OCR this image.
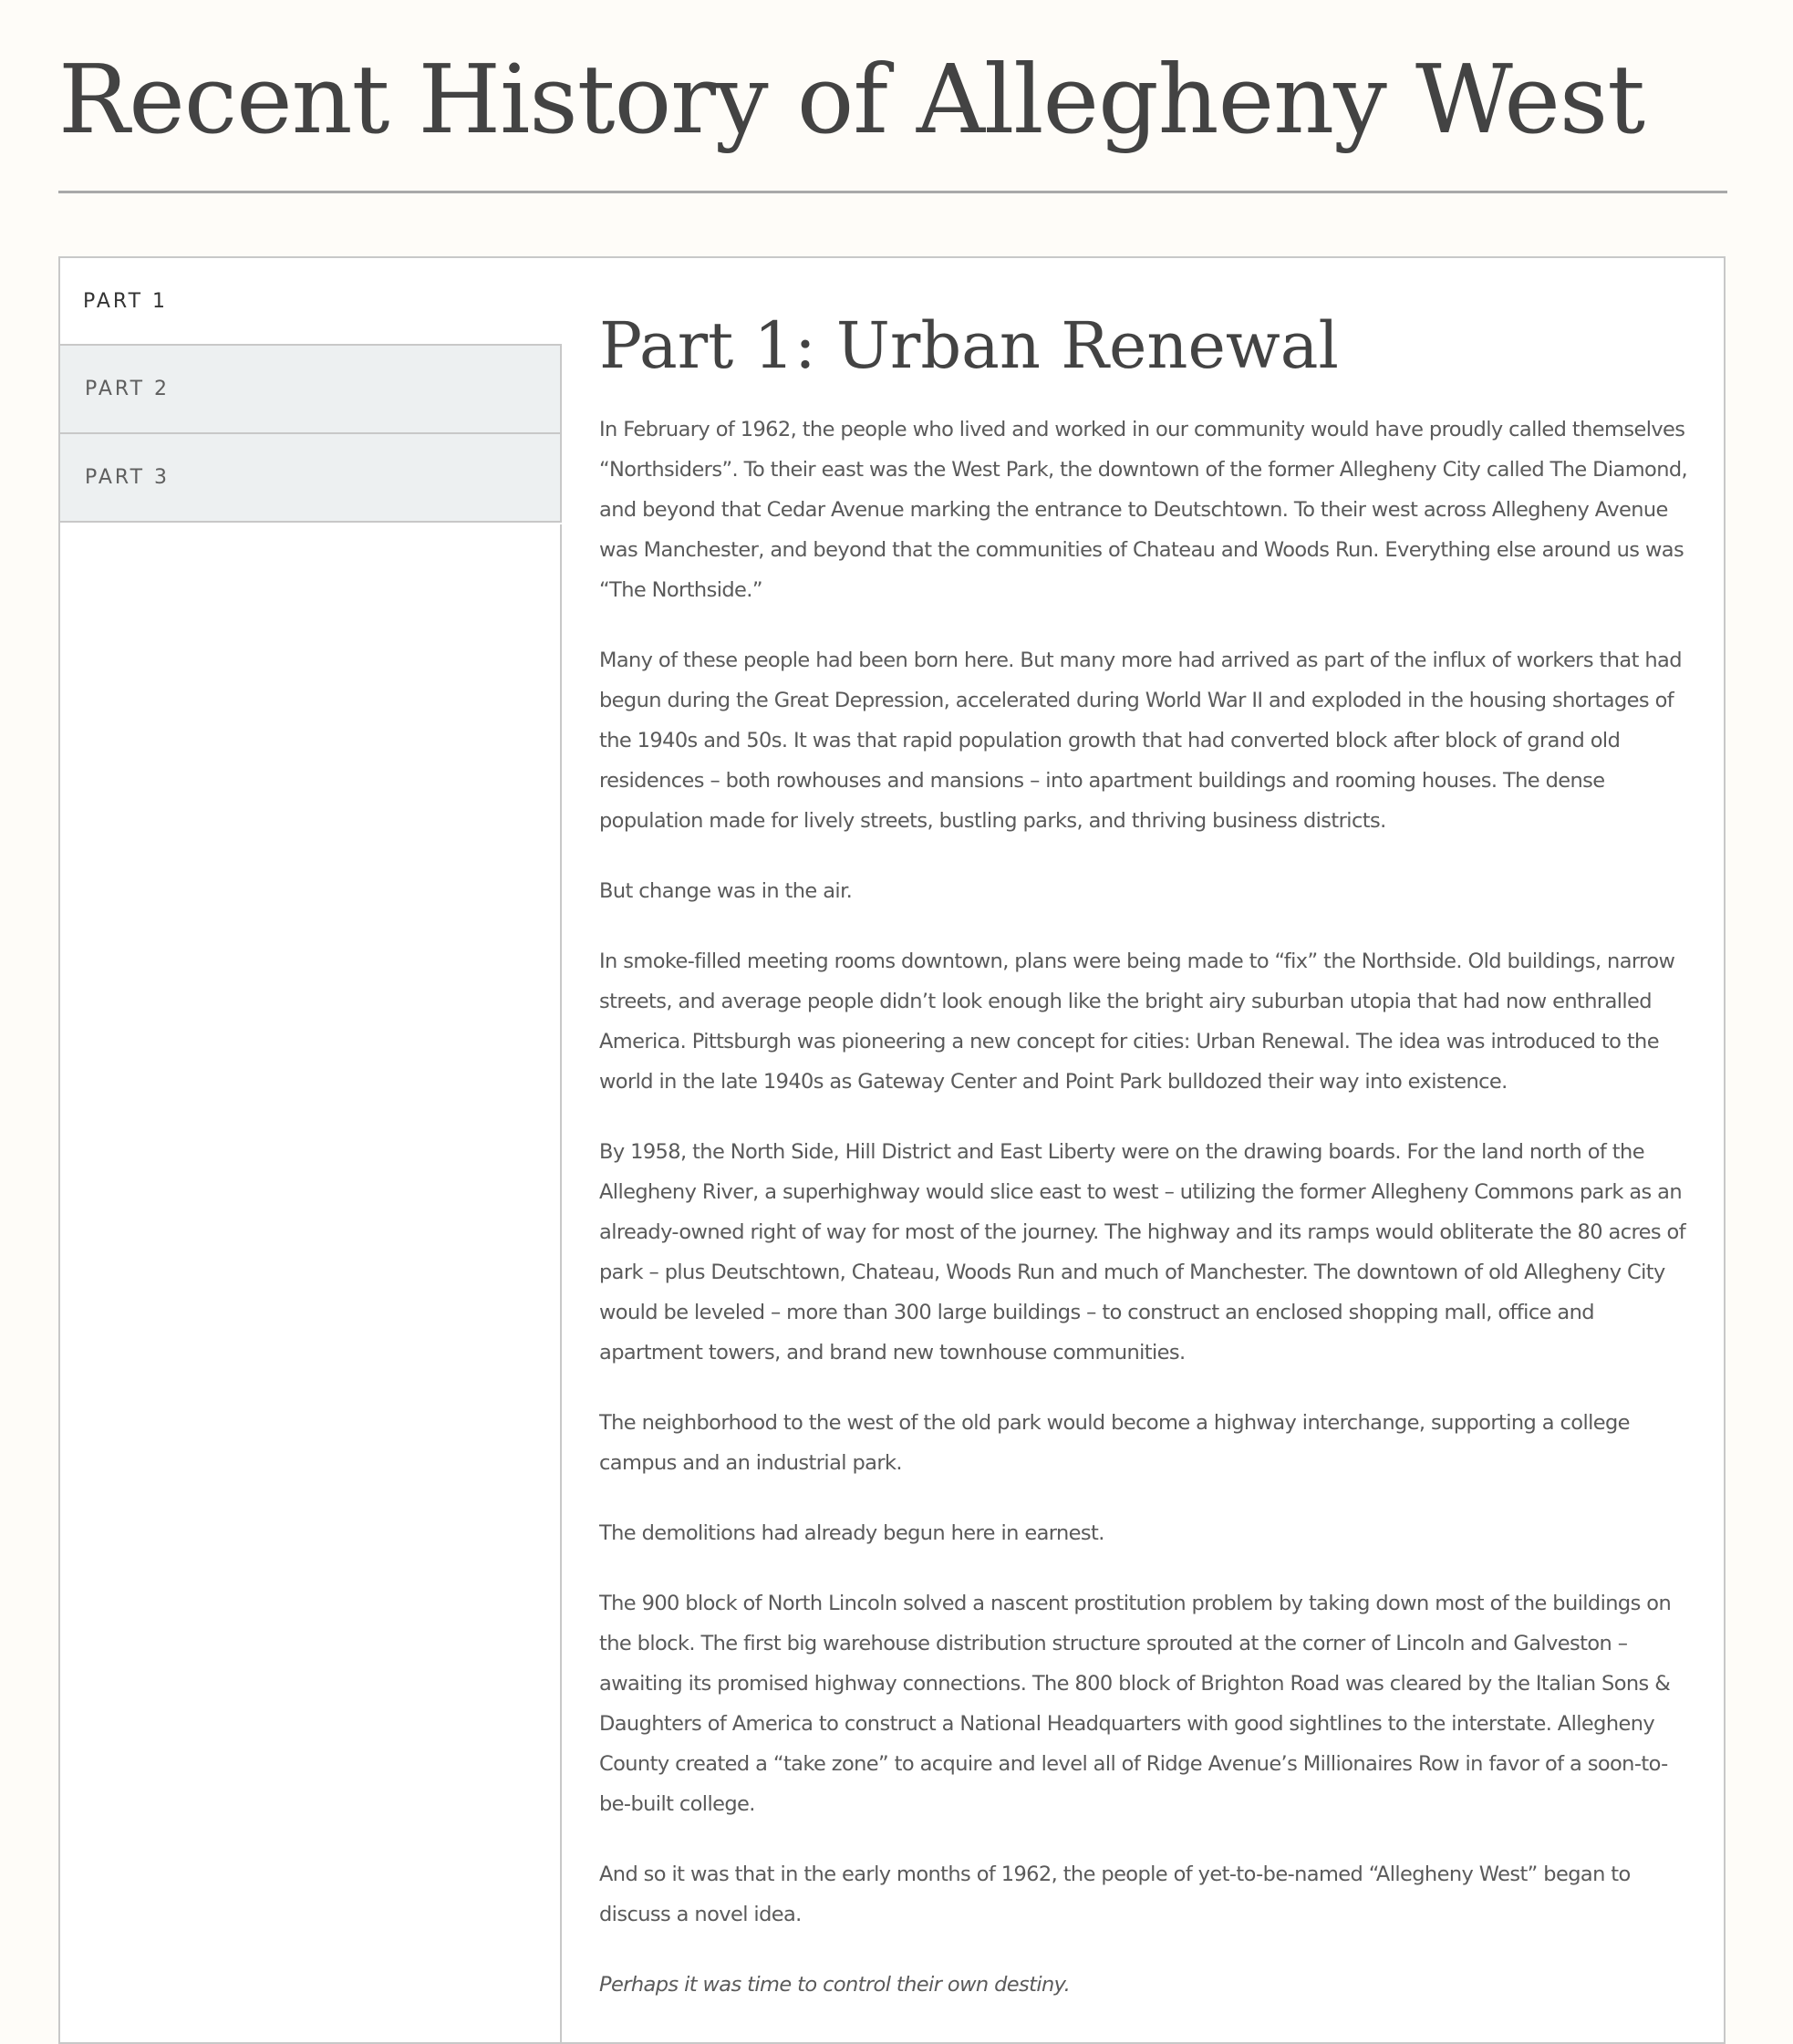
Recent History of Allegheny West
PART 1
PART 2
PART 3
Part 1: Urban Renewal

In February of 1962, the people who lived and worked in our community would have proudly called themselves “Northsiders”. To their east was the West Park, the downtown of the former Allegheny City called The Diamond, and beyond that Cedar Avenue marking the entrance to Deutschtown. To their west across Allegheny Avenue was Manchester, and beyond that the communities of Chateau and Woods Run. Everything else around us was “The Northside.”

Many of these people had been born here. But many more had arrived as part of the influx of workers that had begun during the Great Depression, accelerated during World War II and exploded in the housing shortages of the 1940s and 50s. It was that rapid population growth that had converted block after block of grand old residences – both rowhouses and mansions – into apartment buildings and rooming houses. The dense population made for lively streets, bustling parks, and thriving business districts.

But change was in the air.

In smoke-filled meeting rooms downtown, plans were being made to “fix” the Northside. Old buildings, narrow streets, and average people didn’t look enough like the bright airy suburban utopia that had now enthralled America. Pittsburgh was pioneering a new concept for cities: Urban Renewal. The idea was introduced to the world in the late 1940s as Gateway Center and Point Park bulldozed their way into existence.

By 1958, the North Side, Hill District and East Liberty were on the drawing boards. For the land north of the Allegheny River, a superhighway would slice east to west – utilizing the former Allegheny Commons park as an already-owned right of way for most of the journey. The highway and its ramps would obliterate the 80 acres of park – plus Deutschtown, Chateau, Woods Run and much of Manchester. The downtown of old Allegheny City would be leveled – more than 300 large buildings – to construct an enclosed shopping mall, office and apartment towers, and brand new townhouse communities.

The neighborhood to the west of the old park would become a highway interchange, supporting a college campus and an industrial park.

The demolitions had already begun here in earnest.

The 900 block of North Lincoln solved a nascent prostitution problem by taking down most of the buildings on the block. The first big warehouse distribution structure sprouted at the corner of Lincoln and Galveston – awaiting its promised highway connections. The 800 block of Brighton Road was cleared by the Italian Sons & Daughters of America to construct a National Headquarters with good sightlines to the interstate. Allegheny County created a “take zone” to acquire and level all of Ridge Avenue’s Millionaires Row in favor of a soon-to-be-built college.

And so it was that in the early months of 1962, the people of yet-to-be-named “Allegheny West” began to discuss a novel idea.

Perhaps it was time to control their own destiny.
